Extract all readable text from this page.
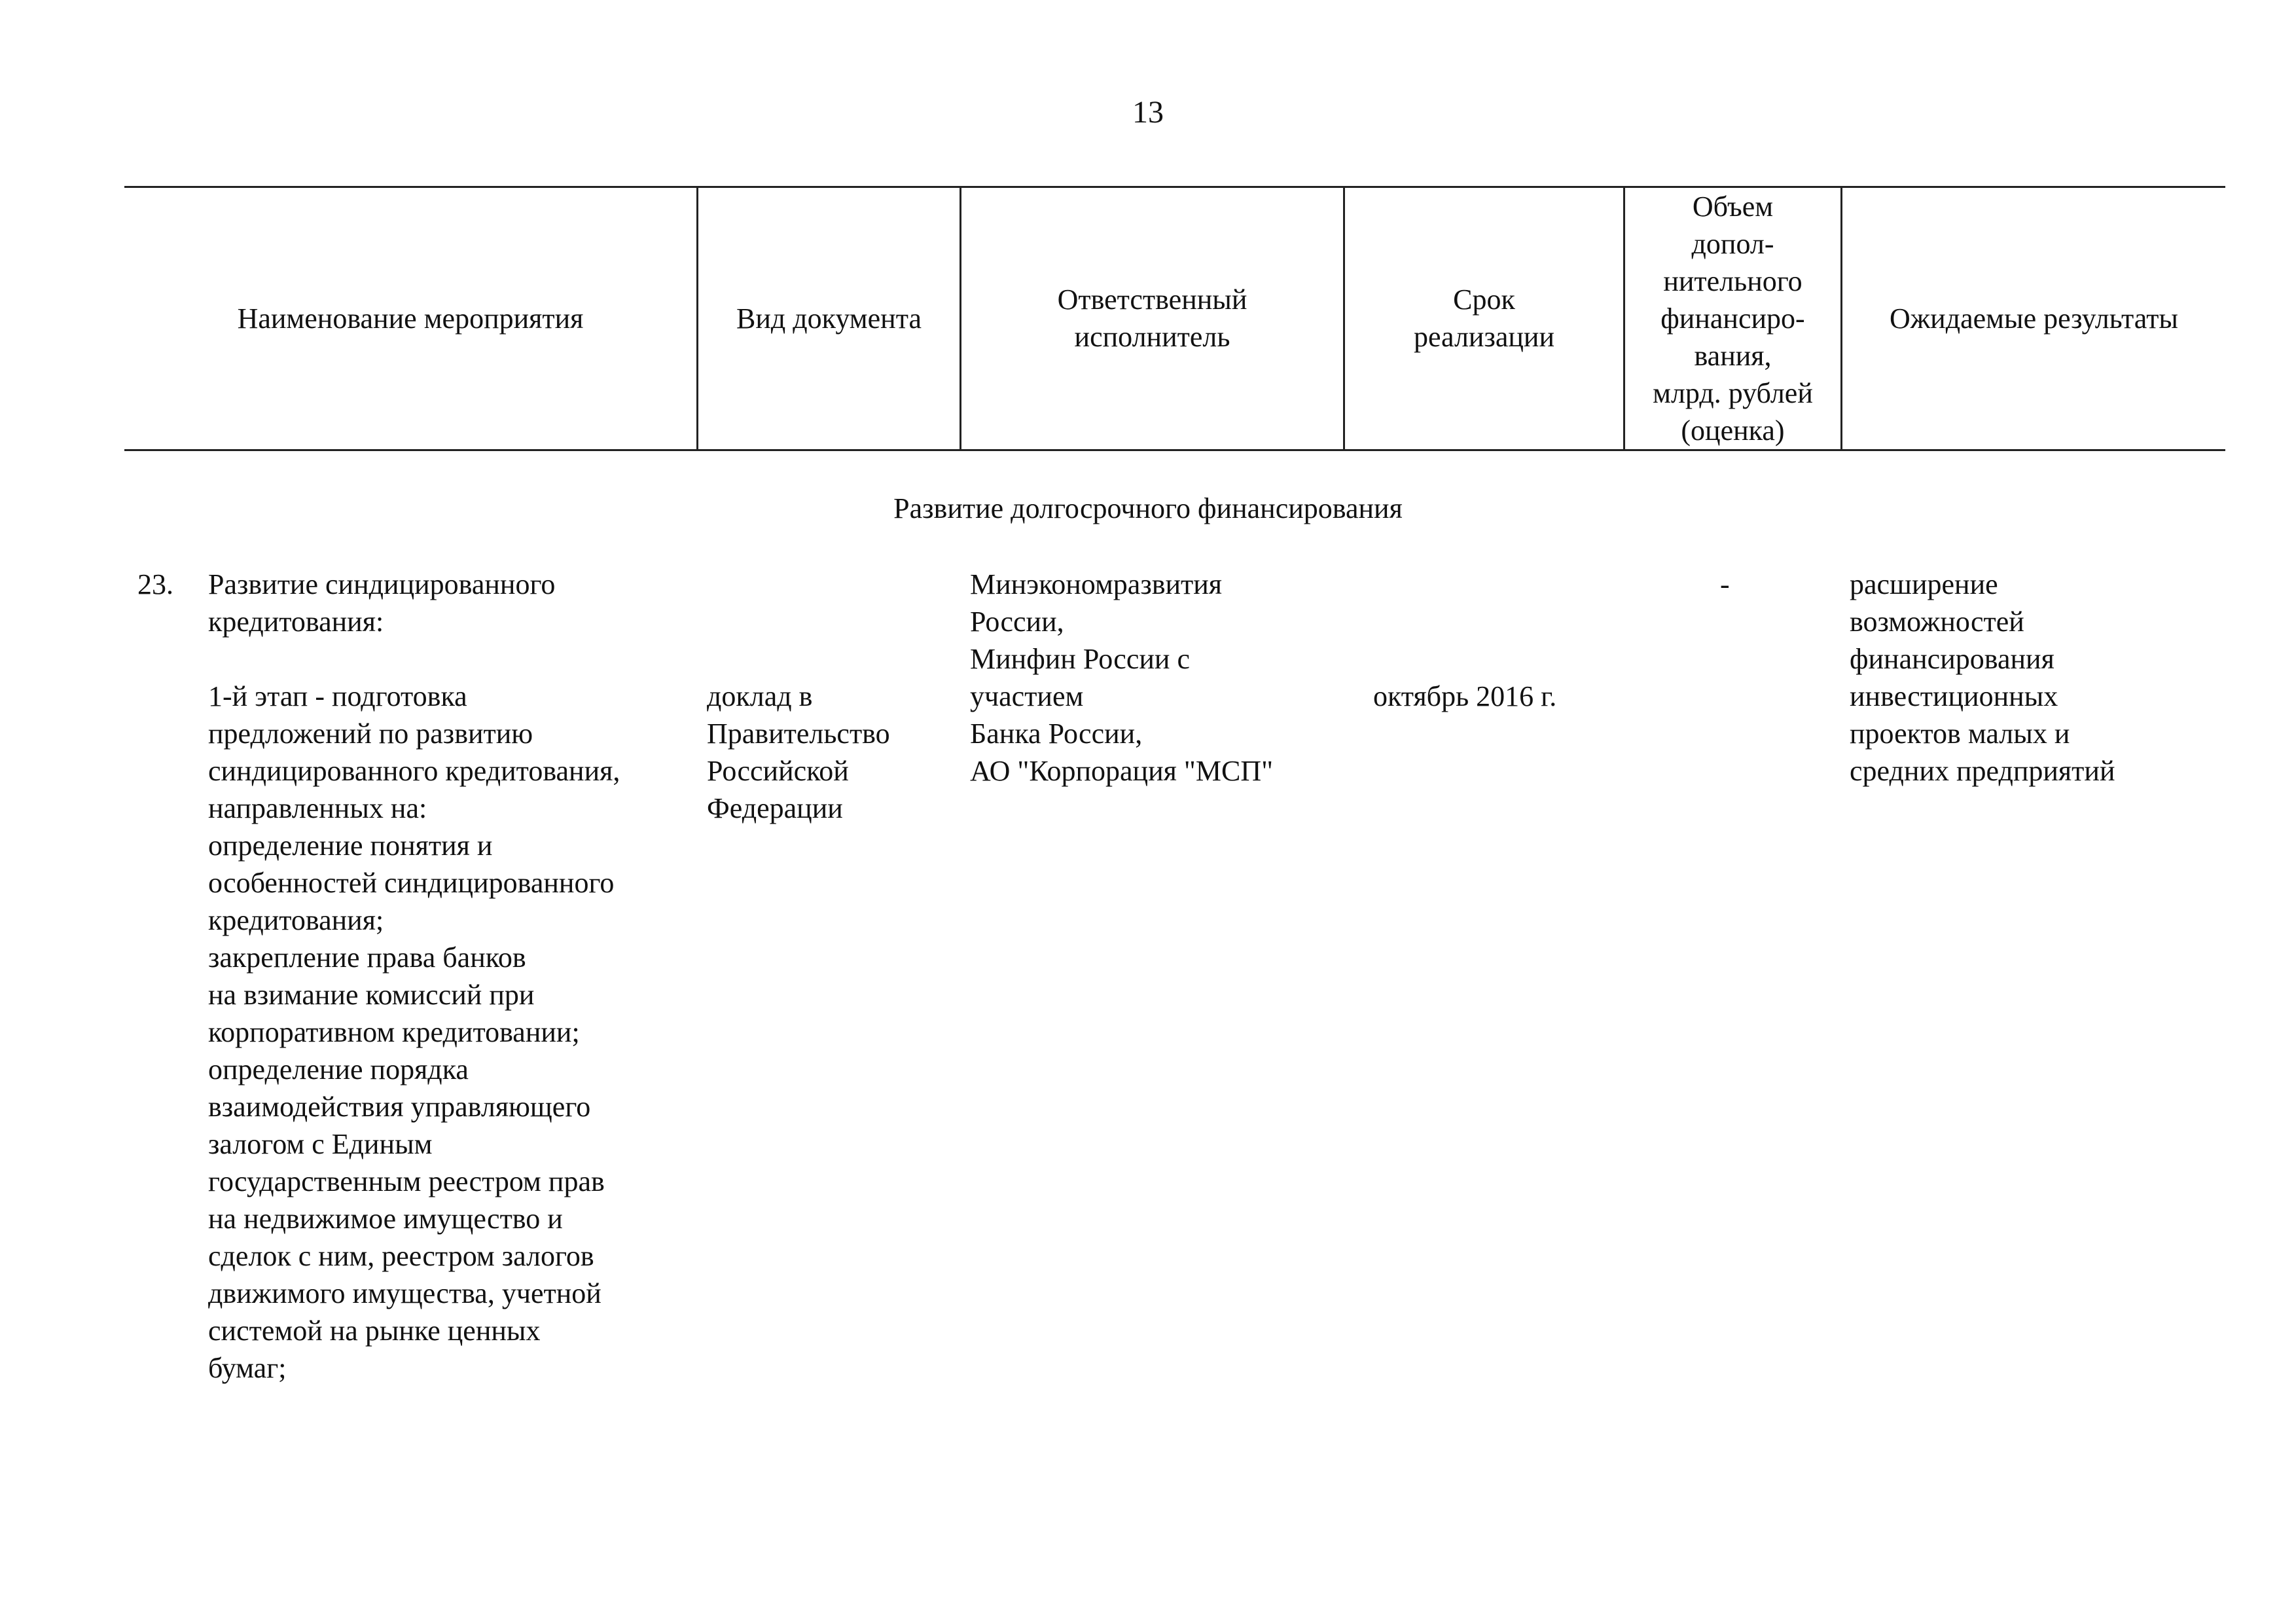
13
Наименование мероприятия	Вид документа
Ответственный
исполнитель
Срок
реализации
Объем
допол-
нительного
финансиро-
вания,
млрд. рублей
(оценка)
Ожидаемые результаты
Развитие долгосрочного финансирования
23. Развитие синдицированного
кредитования:

1-й этап - подготовка
предложений по развитию
синдицированного кредитования,
направленных на:
определение понятия и
особенностей синдицированного
кредитования;
закрепление права банков
на взимание комиссий при
корпоративном кредитовании;
определение порядка
взаимодействия управляющего
залогом с Единым
государственным реестром прав
на недвижимое имущество и
сделок с ним, реестром залогов
движимого имущества, учетной
системой на рынке ценных
бумаг;
доклад в
Правительство
Российской
Федерации
Минэкономразвития
России,
Минфин России с
участием
Банка России,
АО "Корпорация "МСП"
октябрь 2016 г.
-	расширение
возможностей
финансирования
инвестиционных
проектов малых и
средних предприятий
